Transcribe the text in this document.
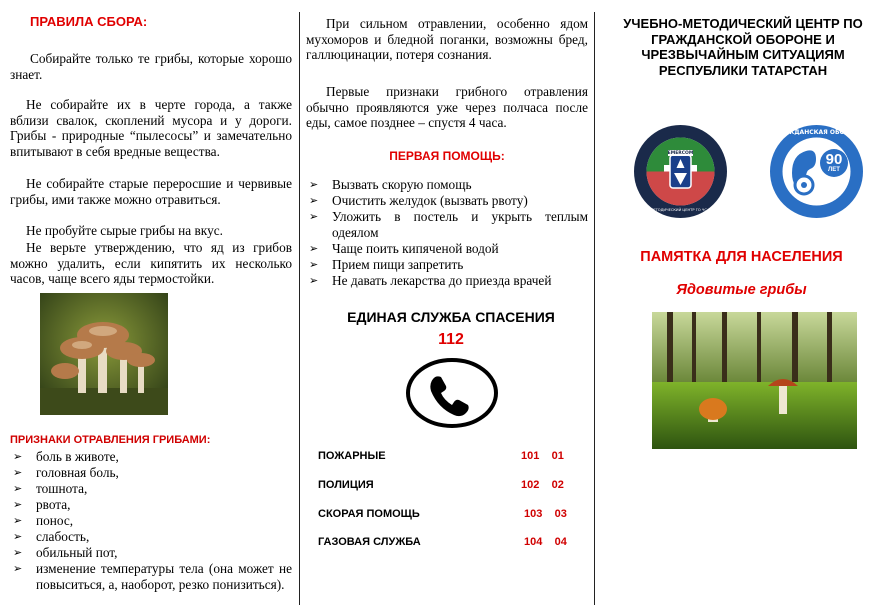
ПРАВИЛА СБОРА:
Собирайте только те грибы, которые хорошо знает.
Не собирайте их в черте города, а также вблизи свалок, скоплений мусора и у дороги. Грибы - природные “пылесосы” и замечательно впитывают в себя вредные вещества.
Не собирайте старые переросшие и червивые грибы, ими также можно отравиться.
Не пробуйте сырые грибы на вкус.
Не верьте утверждению, что яд из грибов можно удалить, если кипятить их несколько часов, чаще всего яды термостойки.
ПРИЗНАКИ ОТРАВЛЕНИЯ ГРИБАМИ:
➢ боль в животе,
➢ головная боль,
➢ тошнота,
➢ рвота,
➢ понос,
➢ слабость,
➢ обильный пот,
➢ изменение температуры тела (она может не повыситься, а, наоборот, резко понизиться).
При сильном отравлении, особенно ядом мухоморов и бледной поганки, возможны бред, галлюцинации, потеря сознания.
Первые признаки грибного отравления обычно проявляются уже через полчаса после еды, самое позднее – спустя 4 часа.
ПЕРВАЯ ПОМОЩЬ:
➢ Вызвать скорую помощь
➢ Очистить желудок (вызвать рвоту)
➢ Уложить в постель и укрыть теплым одеялом
➢ Чаще поить кипяченой водой
➢ Прием пищи запретить
➢ Не давать лекарства до приезда врачей
ЕДИНАЯ СЛУЖБА СПАСЕНИЯ
112
ПОЖАРНЫЕ	101    01
ПОЛИЦИЯ	102    02
СКОРАЯ ПОМОЩЬ	103    03
ГАЗОВАЯ СЛУЖБА	104    04
УЧЕБНО-МЕТОДИЧЕСКИЙ ЦЕНТР ПО ГРАЖДАНСКОЙ ОБОРОНЕ И ЧРЕЗВЫЧАЙНЫМ СИТУАЦИЯМ РЕСПУБЛИКИ ТАТАРСТАН
EMERCOM
УЧЕБНО-МЕТОДИЧЕСКИЙ ЦЕНТР ГО ЧС · РЕСПУБЛИКА ТАТАРСТАН
90
ЛЕТ
ГРАЖДАНСКАЯ ОБОРОНА
ПАМЯТКА ДЛЯ НАСЕЛЕНИЯ
Ядовитые грибы
